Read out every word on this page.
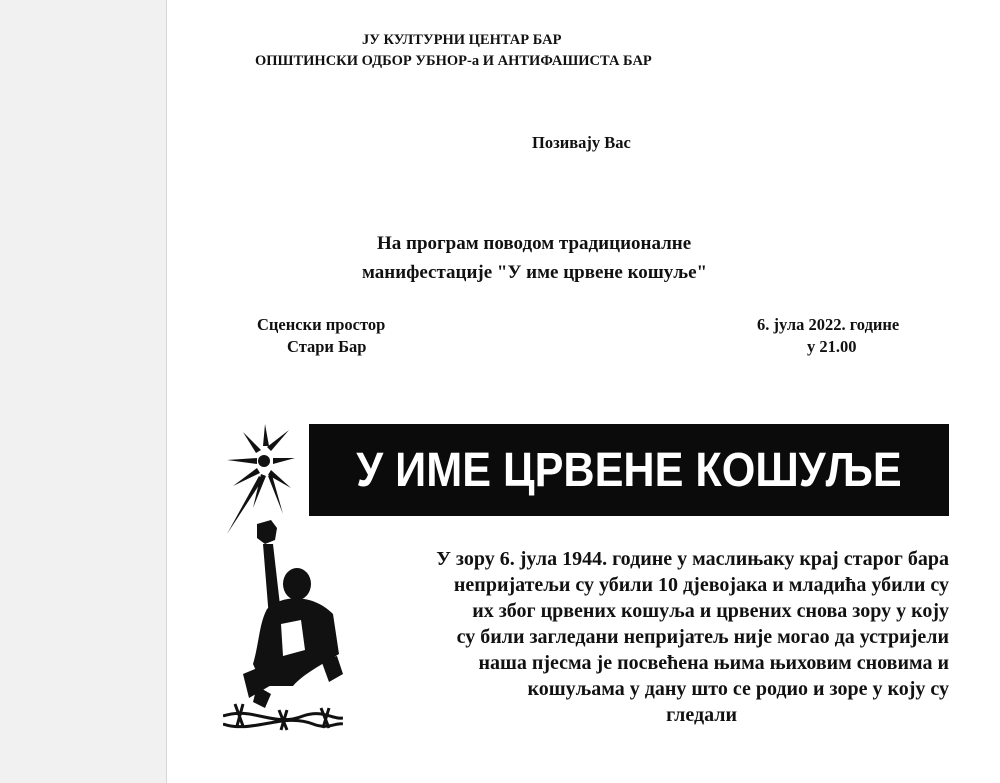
ЈУ КУЛТУРНИ ЦЕНТАР БАР
ОПШТИНСКИ ОДБОР УБНОР-а И АНТИФАШИСТА БАР
Позивају Вас
На програм поводом традиционалне
манифестације "У име црвене кошуље"
Сценски простор
Стари Бар
6. јула 2022. године
у 21.00
У ИМЕ ЦРВЕНЕ КОШУЉЕ
У зору 6. јула 1944. године у маслињаку крај старог бара
непријатељи су убили 10 дјевојака и младића убили су
их због црвених кошуља и црвених снова зору у коју
су били загледани непријатељ није могао да устријели
наша пјесма је посвећена њима њиховим сновима и
кошуљама у дану што се родио и зоре у коју су
гледали
